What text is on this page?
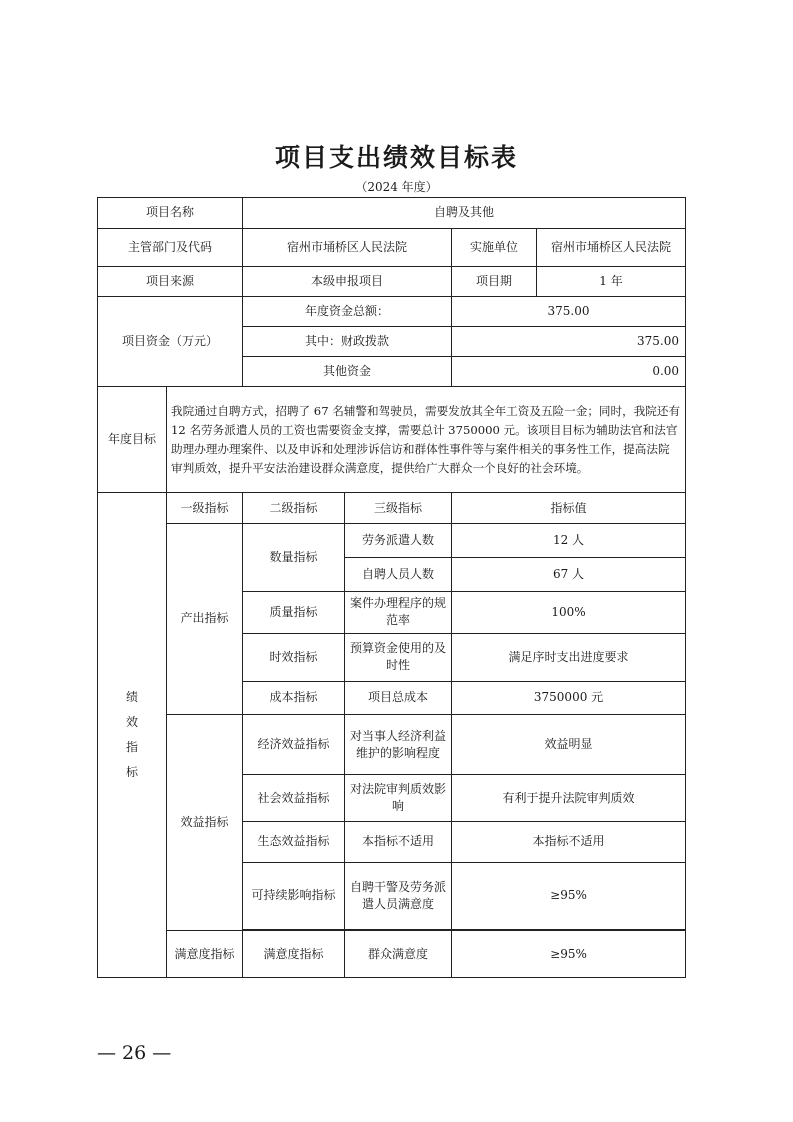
项目支出绩效目标表
（2024 年度）
项目名称		自聘及其他			
主管部门及代码		宿州市埇桥区人民法院		实施单位	宿州市埇桥区人民法院
项目来源		本级申报项目		项目期	1 年
项目资金（万元）		年度资金总额：		375.00	
		其中：财政拨款		375.00	
		其他资金		0.00	
年度目标	我院通过自聘方式，招聘了 67 名辅警和驾驶员，需要发放其全年工资及五险一金；同时，我院还有 12 名劳务派遣人员的工资也需要资金支撑，需要总计 3750000 元。该项目目标为辅助法官和法官助理办理办理案件、以及申诉和处理涉诉信访和群体性事件等与案件相关的事务性工作，提高法院审判质效，提升平安法治建设群众满意度，提供给广大群众一个良好的社会环境。				

绩效指标	一级指标	二级指标	三级指标	指标值	
	产出指标	数量指标	劳务派遣人数	12 人	
			自聘人员人数	67 人	
		质量指标	案件办理程序的规范率	100%	
		时效指标	预算资金使用的及时性	满足序时支出进度要求	
		成本指标	项目总成本	3750000 元	
	效益指标	经济效益指标	对当事人经济利益维护的影响程度	效益明显	
		社会效益指标	对法院审判质效影响	有利于提升法院审判质效	
		生态效益指标	本指标不适用	本指标不适用	
		可持续影响指标	自聘干警及劳务派遣人员满意度	≥95%	

	满意度指标	满意度指标	群众满意度	≥95%	
— 26 —
